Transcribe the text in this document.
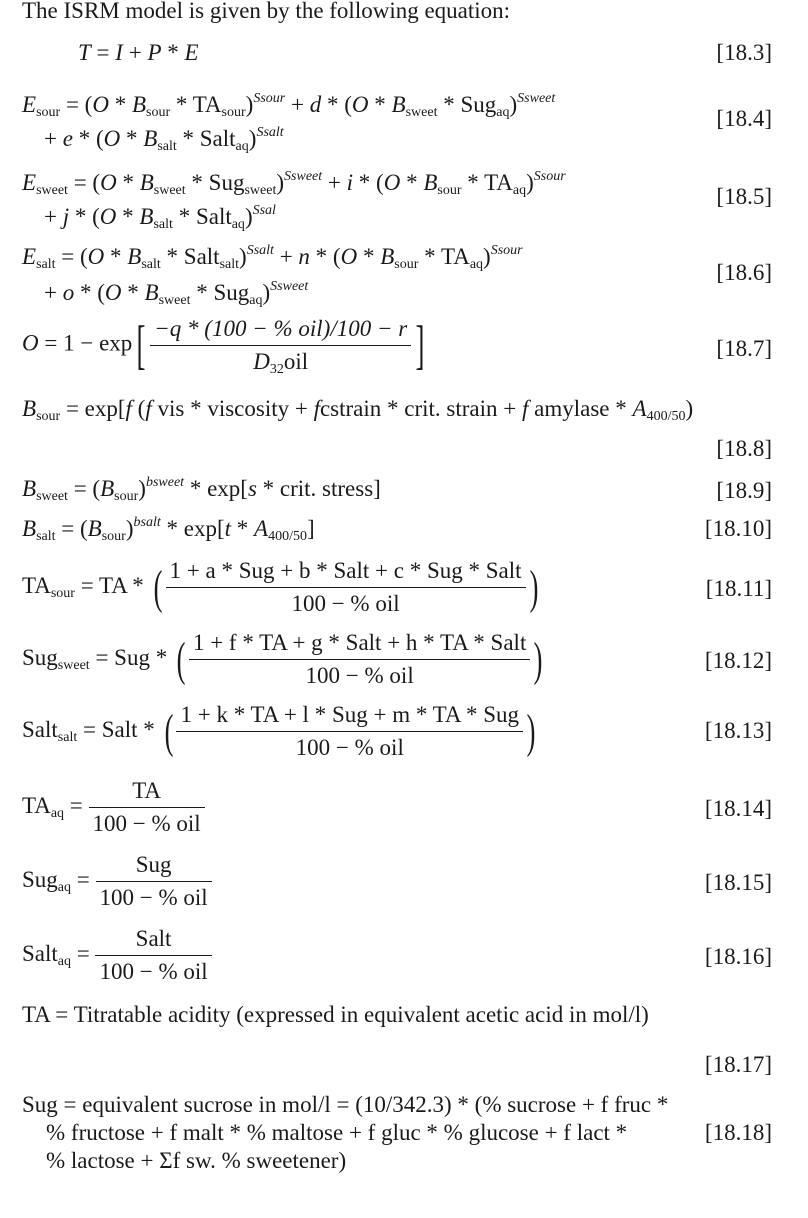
The ISRM model is given by the following equation:
T = I + P * E	[18.3]
$E_{sour} = (O * B_{sour} * TA_{sour})^{Ssour} + d * (O * B_{sweet} * Sug_{aq})^{Ssweet}$
+ e * ($O * B_{salt}$ * Salt$_{aq}$)$^{Ssalt}$
[18.4]
$E_{sweet} = (O * B_{sweet} * Sug_{sweet})^{Ssweet} + i * (O * B_{sour} * TA_{aq})^{Ssour}$
+ j * ($O * B_{salt}$ * Salt$_{aq}$)$^{Ssal}$
[18.5]
$E_{salt} = (O * B_{salt}$ * Salt$_{salt}$)$^{Ssalt}$ + n * $(O * B_{sour} * TA_{aq})^{Ssour}$
+ o * $(O * B_{sweet} * Sug_{aq})^{Ssweet}$
[18.6]
$O = 1 - \exp[ \frac{\text{−q * (100 − \% oil)/100 − r}}{D_{32}oil}$ ]	[18.7]
$B_{sour} = \exp[f$ (f vis * viscosity + fcstrain * crit. strain + f amylase * $A_{400/50}$)
[18.8]
$B_{sweet} = (B_{sour})^{bsweet} * \exp[s$ * crit. stress]	[18.9]
$B_{salt} = (B_{sour})^{bsalt} * \exp[t * A_{400/50}]$	[18.10]
$TA_{sour}$ = TA * ( $\frac{\text{1 + a * Sug + b * Salt + c * Sug * Salt}}{\text{100 − \% oil}}$ )	[18.11]
Sug$_{sweet}$ = Sug * ( $\frac{\text{1 + f * TA + g * Salt + h * TA * Salt}}{\text{100 − \% oil}}$ )	[18.12]
Salt$_{salt}$ = Salt * ( $\frac{\text{1 + k * TA + l * Sug + m * TA * Sug}}{\text{100 − \% oil}}$ )	[18.13]
$TA_{aq} = \frac{TA}{\text{100 − \% oil}}$	[18.14]
$Sug_{aq} = \frac{\text{Sug}}{\text{100 − \% oil}}$	[18.15]
Salt$_{aq}$ = $\frac{\text{Salt}}{\text{100 − \% oil}}$	[18.16]
TA = Titratable acidity (expressed in equivalent acetic acid in mol/l)
[18.17]
Sug = equivalent sucrose in mol/l = (10/342.3) * (% sucrose + f fruc *
% fructose + f malt * % maltose + f gluc * % glucose + f lact *
% lactose + Σf sw. % sweetener)
[18.18]
